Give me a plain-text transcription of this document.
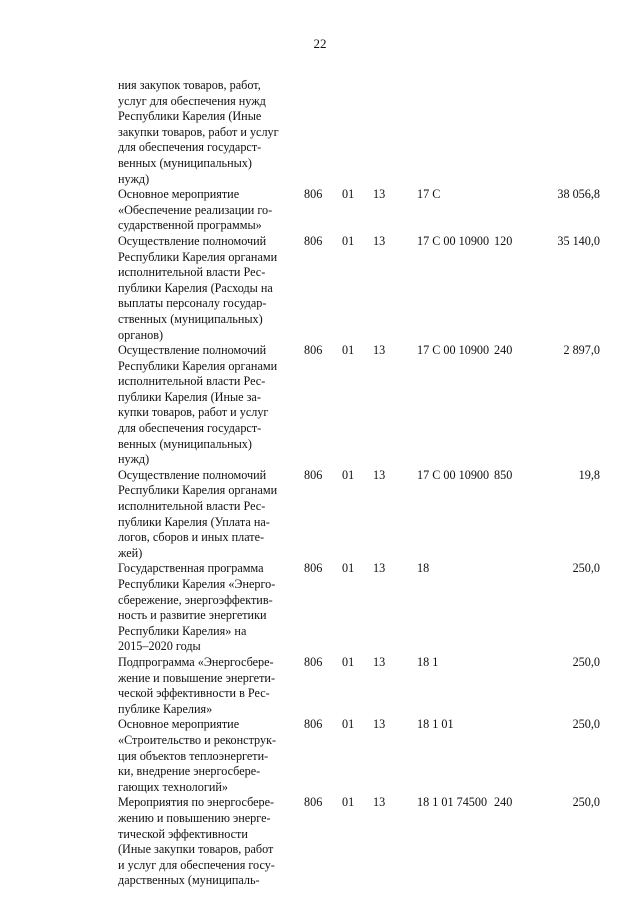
22
ния закупок товаров, работ,
услуг для обеспечения нужд
Республики Карелия (Иные
закупки товаров, работ и услуг
для обеспечения государст-
венных (муниципальных)
нужд)
Основное мероприятие
«Обеспечение реализации го-
сударственной программы»
806 01 13	17 С	38 056,8
Осуществление полномочий
Республики Карелия органами
исполнительной власти Рес-
публики Карелия (Расходы на
выплаты персоналу государ-
ственных (муниципальных)
органов)
806 01 13	17 С 00 10900 120	35 140,0
Осуществление полномочий
Республики Карелия органами
исполнительной власти Рес-
публики Карелия (Иные за-
купки товаров, работ и услуг
для обеспечения государст-
венных (муниципальных)
нужд)
806 01 13	17 С 00 10900 240	2 897,0
Осуществление полномочий
Республики Карелия органами
исполнительной власти Рес-
публики Карелия (Уплата на-
логов, сборов и иных плате-
жей)
806 01 13	17 С 00 10900 850	19,8
Государственная программа
Республики Карелия «Энерго-
сбережение, энергоэффектив-
ность и развитие энергетики
Республики Карелия» на
2015–2020 годы
806 01 13	18	250,0
Подпрограмма «Энергосбере-
жение и повышение энергети-
ческой эффективности в Рес-
публике Карелия»
806 01 13	18 1	250,0
Основное мероприятие
«Строительство и реконструк-
ция объектов теплоэнергети-
ки, внедрение энергосбере-
гающих технологий»
806 01 13	18 1 01	250,0
Мероприятия по энергосбере-
жению и повышению энерге-
тической эффективности
(Иные закупки товаров, работ
и услуг для обеспечения госу-
дарственных (муниципаль-
806 01 13	18 1 01 74500 240	250,0
